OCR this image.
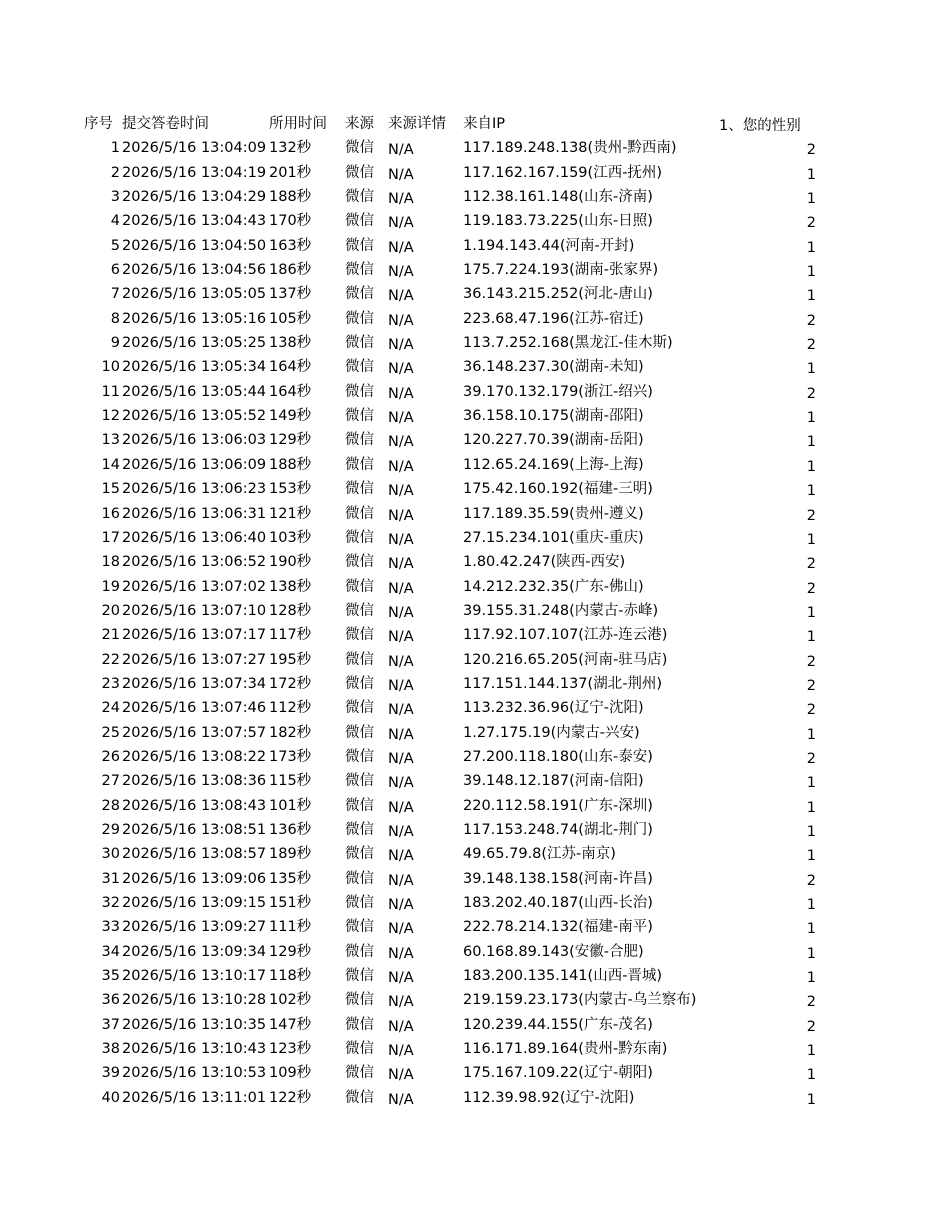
序号 提交答卷时间	所用时间 来源 来源详情 来自IP	1、您的性别
1 2026/5/16 13:04:09 132秒 微信 N/A	117.189.248.138(贵州-黔西南)	2
2 2026/5/16 13:04:19 201秒 微信 N/A	117.162.167.159(江西-抚州)	1
3 2026/5/16 13:04:29 188秒 微信 N/A	112.38.161.148(山东-济南)	1
4 2026/5/16 13:04:43 170秒 微信 N/A	119.183.73.225(山东-日照)	2
5 2026/5/16 13:04:50 163秒 微信 N/A	1.194.143.44(河南-开封)	1
6 2026/5/16 13:04:56 186秒 微信 N/A	175.7.224.193(湖南-张家界)	1
7 2026/5/16 13:05:05 137秒 微信 N/A	36.143.215.252(河北-唐山)	1
8 2026/5/16 13:05:16 105秒 微信 N/A	223.68.47.196(江苏-宿迁)	2
9 2026/5/16 13:05:25 138秒 微信 N/A	113.7.252.168(黑龙江-佳木斯)	2
10 2026/5/16 13:05:34 164秒 微信 N/A	36.148.237.30(湖南-未知)	1
11 2026/5/16 13:05:44 164秒 微信 N/A	39.170.132.179(浙江-绍兴)	2
12 2026/5/16 13:05:52 149秒 微信 N/A	36.158.10.175(湖南-邵阳)	1
13 2026/5/16 13:06:03 129秒 微信 N/A	120.227.70.39(湖南-岳阳)	1
14 2026/5/16 13:06:09 188秒 微信 N/A	112.65.24.169(上海-上海)	1
15 2026/5/16 13:06:23 153秒 微信 N/A	175.42.160.192(福建-三明)	1
16 2026/5/16 13:06:31 121秒 微信 N/A	117.189.35.59(贵州-遵义)	2
17 2026/5/16 13:06:40 103秒 微信 N/A	27.15.234.101(重庆-重庆)	1
18 2026/5/16 13:06:52 190秒 微信 N/A	1.80.42.247(陕西-西安)	2
19 2026/5/16 13:07:02 138秒 微信 N/A	14.212.232.35(广东-佛山)	2
20 2026/5/16 13:07:10 128秒 微信 N/A	39.155.31.248(内蒙古-赤峰)	1
21 2026/5/16 13:07:17 117秒 微信 N/A	117.92.107.107(江苏-连云港)	1
22 2026/5/16 13:07:27 195秒 微信 N/A	120.216.65.205(河南-驻马店)	2
23 2026/5/16 13:07:34 172秒 微信 N/A	117.151.144.137(湖北-荆州)	2
24 2026/5/16 13:07:46 112秒 微信 N/A	113.232.36.96(辽宁-沈阳)	2
25 2026/5/16 13:07:57 182秒 微信 N/A	1.27.175.19(内蒙古-兴安)	1
26 2026/5/16 13:08:22 173秒 微信 N/A	27.200.118.180(山东-泰安)	2
27 2026/5/16 13:08:36 115秒 微信 N/A	39.148.12.187(河南-信阳)	1
28 2026/5/16 13:08:43 101秒 微信 N/A	220.112.58.191(广东-深圳)	1
29 2026/5/16 13:08:51 136秒 微信 N/A	117.153.248.74(湖北-荆门)	1
30 2026/5/16 13:08:57 189秒 微信 N/A	49.65.79.8(江苏-南京)	1
31 2026/5/16 13:09:06 135秒 微信 N/A	39.148.138.158(河南-许昌)	2
32 2026/5/16 13:09:15 151秒 微信 N/A	183.202.40.187(山西-长治)	1
33 2026/5/16 13:09:27 111秒 微信 N/A	222.78.214.132(福建-南平)	1
34 2026/5/16 13:09:34 129秒 微信 N/A	60.168.89.143(安徽-合肥)	1
35 2026/5/16 13:10:17 118秒 微信 N/A	183.200.135.141(山西-晋城)	1
36 2026/5/16 13:10:28 102秒 微信 N/A	219.159.23.173(内蒙古-乌兰察布)	2
37 2026/5/16 13:10:35 147秒 微信 N/A	120.239.44.155(广东-茂名)	2
38 2026/5/16 13:10:43 123秒 微信 N/A	116.171.89.164(贵州-黔东南)	1
39 2026/5/16 13:10:53 109秒 微信 N/A	175.167.109.22(辽宁-朝阳)	1
40 2026/5/16 13:11:01 122秒 微信 N/A	112.39.98.92(辽宁-沈阳)	1
